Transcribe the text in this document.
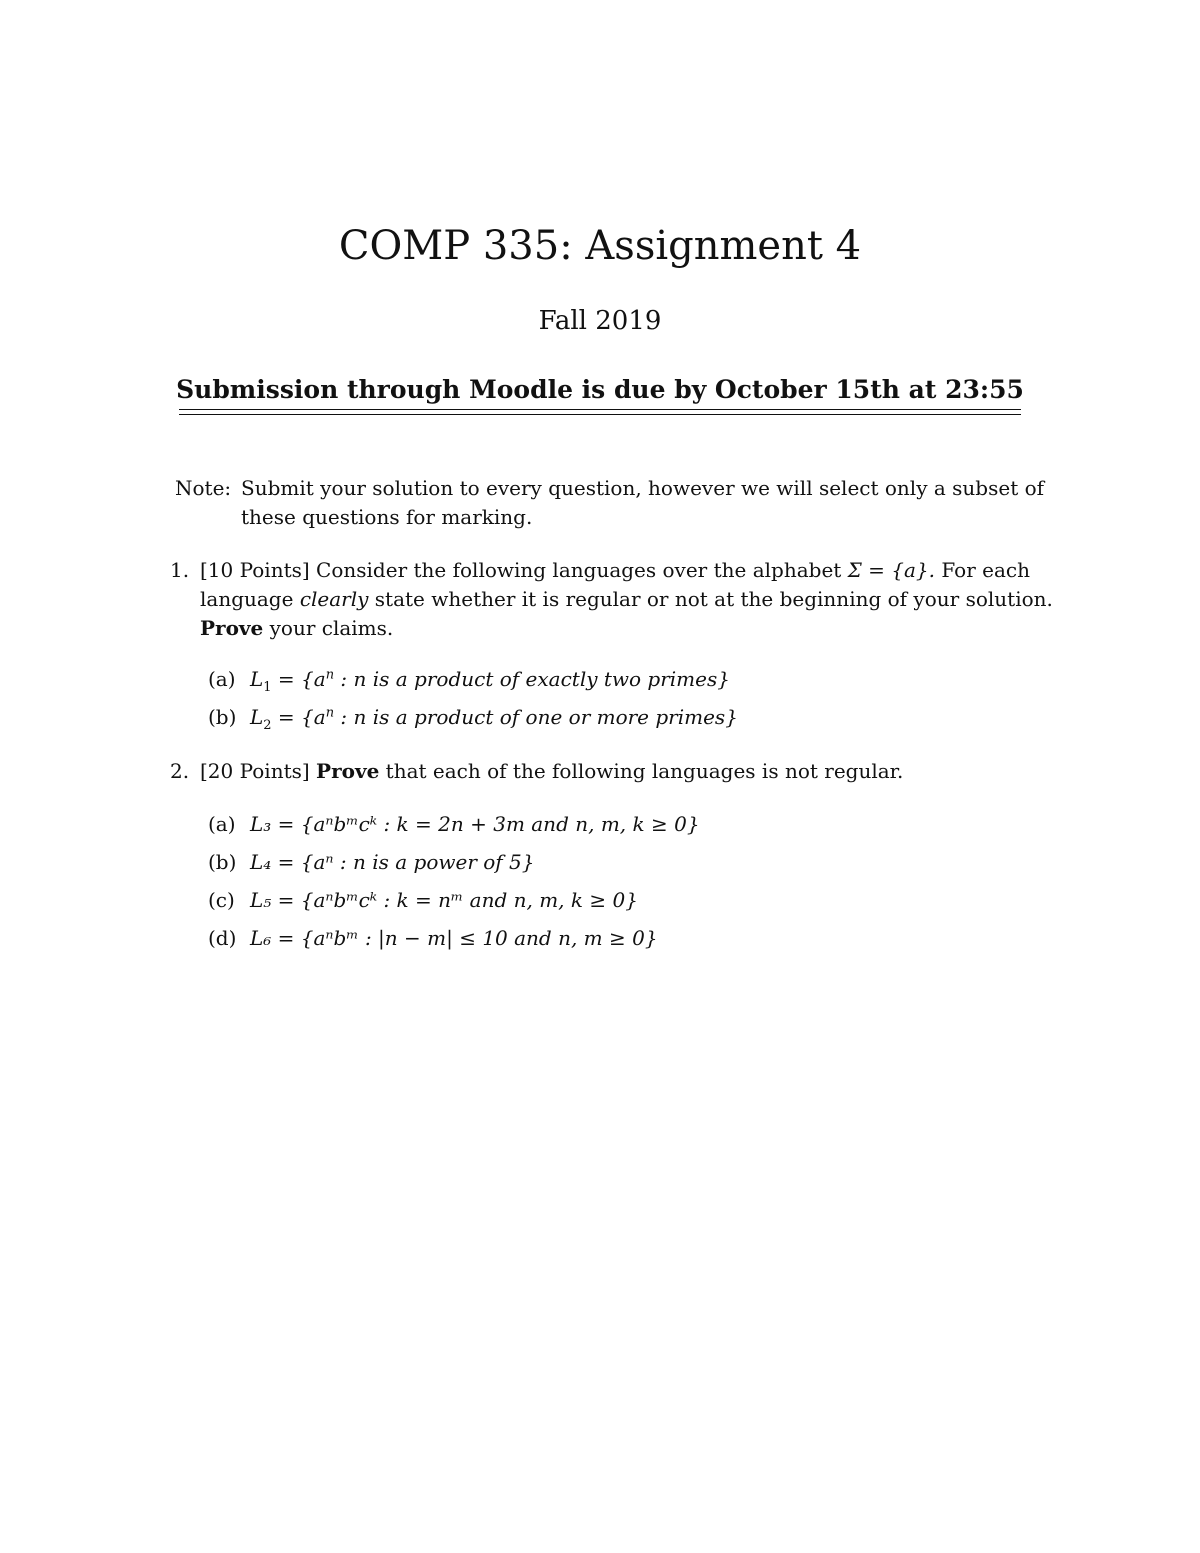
COMP 335: Assignment 4
Fall 2019
Submission through Moodle is due by October 15th at 23:55
Note: Submit your solution to every question, however we will select only a subset of
these questions for marking.
1. [10 Points] Consider the following languages over the alphabet Σ = {a}. For each
language clearly state whether it is regular or not at the beginning of your solution.
Prove your claims.
(a) $L_1 = \{a^n$ : n is a product of exactly two primes}
(b) $L_2 = \{a^n$ : n is a product of one or more primes}
2. [20 Points] Prove that each of the following languages is not regular.
(a) L₃ = {aⁿbᵐcᵏ : k = 2n + 3m and n, m, k ≥ 0}
(b) L₄ = {aⁿ : n is a power of 5}
(c) L₅ = {aⁿbᵐcᵏ : k = nᵐ and n, m, k ≥ 0}
(d) L₆ = {aⁿbᵐ : |n − m| ≤ 10 and n, m ≥ 0}
